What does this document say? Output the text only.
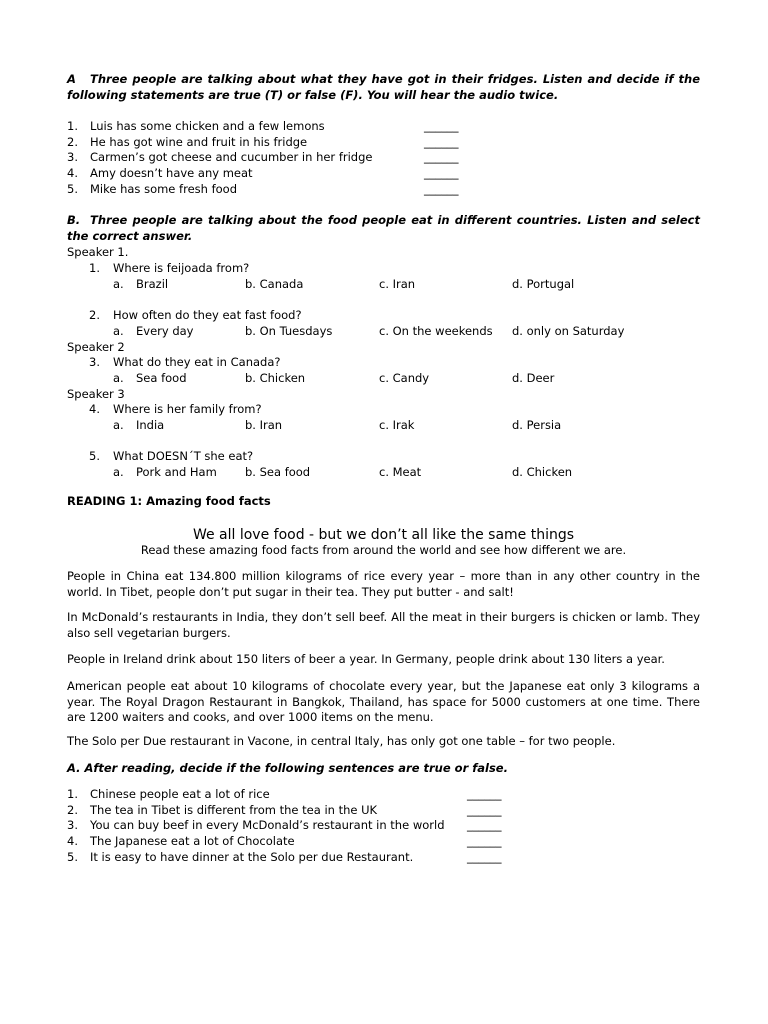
A Three people are talking about what they have got in their fridges. Listen and decide if the following statements are true (T) or false (F). You will hear the audio twice.
1. Luis has some chicken and a few lemons	______
2. He has got wine and fruit in his fridge	______
3. Carmen’s got cheese and cucumber in her fridge	______
4. Amy doesn’t have any meat	______
5. Mike has some fresh food	______
B. Three people are talking about the food people eat in different countries. Listen and select the correct answer.
Speaker 1.
1. Where is feijoada from?
a. Brazil	b. Canada	c. Iran	d. Portugal
2. How often do they eat fast food?
a. Every day	b. On Tuesdays	c. On the weekends d. only on Saturday
Speaker 2
3. What do they eat in Canada?
a. Sea food	b. Chicken	c. Candy	d. Deer
Speaker 3
4. Where is her family from?
a. India	b. Iran	c. Irak	d. Persia
5. What DOESN´T she eat?
a. Pork and Ham b. Sea food	c. Meat	d. Chicken
READING 1: Amazing food facts
We all love food - but we don’t all like the same things
Read these amazing food facts from around the world and see how different we are.
People in China eat 134.800 million kilograms of rice every year – more than in any other country in the world. In Tibet, people don’t put sugar in their tea. They put butter - and salt!
In McDonald’s restaurants in India, they don’t sell beef. All the meat in their burgers is chicken or lamb. They also sell vegetarian burgers.
People in Ireland drink about 150 liters of beer a year. In Germany, people drink about 130 liters a year.
American people eat about 10 kilograms of chocolate every year, but the Japanese eat only 3 kilograms a year. The Royal Dragon Restaurant in Bangkok, Thailand, has space for 5000 customers at one time. There are 1200 waiters and cooks, and over 1000 items on the menu.
The Solo per Due restaurant in Vacone, in central Italy, has only got one table – for two people.
A. After reading, decide if the following sentences are true or false.
1. Chinese people eat a lot of rice	______
2. The tea in Tibet is different from the tea in the UK	______
3. You can buy beef in every McDonald’s restaurant in the world ______
4. The Japanese eat a lot of Chocolate	______
5. It is easy to have dinner at the Solo per due Restaurant.	______
